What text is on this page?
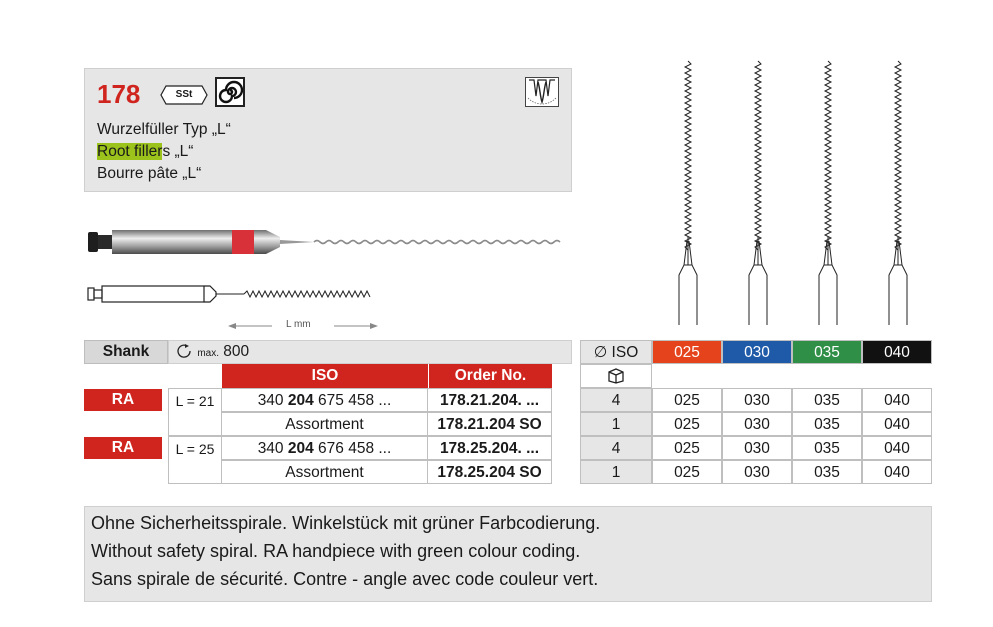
178	SSt
Wurzelfüller Typ „L“
Root fillers „L“
Bourre pâte „L“
L mm
Shank	max. 800
ISO	Order No.
RA	L = 21	340 204 675 458 ...	178.21.204. ...
Assortment	178.21.204 SO
RA	L = 25	340 204 676 458 ...	178.25.204. ...
Assortment	178.25.204 SO
∅ ISO	025	030	035	040
4	025	030	035	040
1	025	030	035	040
4	025	030	035	040
1	025	030	035	040
Ohne Sicherheitsspirale. Winkelstück mit grüner Farbcodierung.
Without safety spiral. RA handpiece with green colour coding.
Sans spirale de sécurité. Contre - angle avec code couleur vert.
